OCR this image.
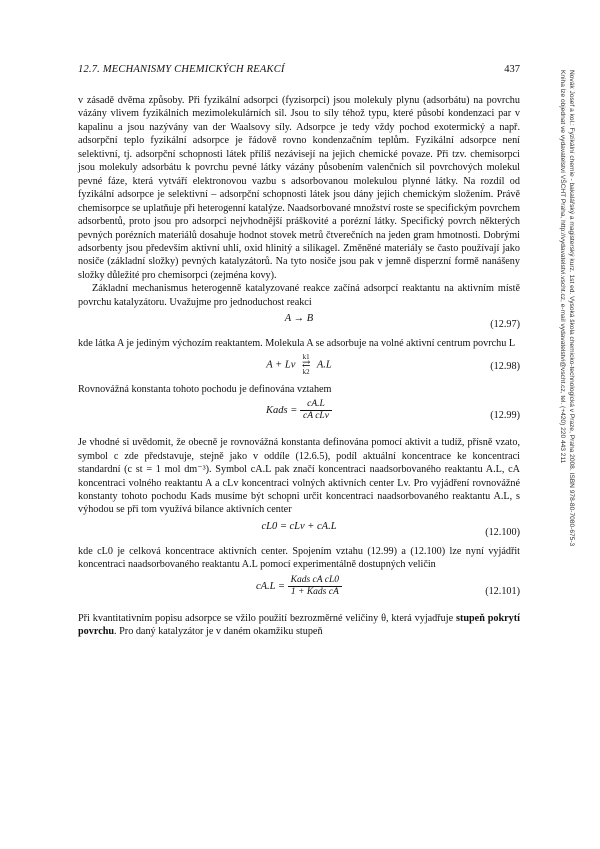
12.7. MECHANISMY CHEMICKÝCH REAKCÍ	437

v zásadě dvěma způsoby. Při fyzikální adsorpci (fyzisorpci) jsou molekuly plynu (adsorbátu) na povrchu vázány vlivem fyzikálních mezimolekulárních sil. Jsou to síly téhož typu, které působí kondenzaci par v kapalinu a jsou nazývány van der Waalsovy síly. Adsorpce je tedy vždy pochod exotermický a např. adsorpční teplo fyzikální adsorpce je řádově rovno kondenzačním teplům. Fyzikální adsorpce není selektivní, tj. adsorpční schopnosti látek příliš nezávisejí na jejich chemické povaze. Při tzv. chemisorpci jsou molekuly adsorbátu k povrchu pevné látky vázány působením valenčních sil povrchových molekul pevné fáze, která vytváří elektronovou vazbu s adsorbovanou molekulou plynné látky. Na rozdíl od fyzikální adsorpce je selektivní – adsorpční schopnosti látek jsou dány jejich chemickým složením. Právě chemisorpce se uplatňuje při heterogenní katalýze. Naadsorbované množství roste se specifickým povrchem adsorbentů, proto jsou pro adsorpci nejvhodnější práškovité a porézní látky. Specifický povrch některých pevných porézních materiálů dosahuje hodnot stovek metrů čtverečních na jeden gram hmotnosti. Dobrými adsorbenty jsou především aktivní uhlí, oxid hlinitý a silikagel. Změněné materiály se často používají jako nosiče (základní složky) pevných katalyzátorů. Na tyto nosiče jsou pak v jemně disperzní formě nanášeny složky důležité pro chemisorpci (zejména kovy).

Základní mechanismus heterogenně katalyzované reakce začíná adsorpcí reaktantu na aktivním místě povrchu katalyzátoru. Uvažujme pro jednoduchost reakci

A → B
(12.97)

kde látka A je jediným výchozím reaktantem. Molekula A se adsorbuje na volné aktivní centrum povrchu L

A + Lv k1
⇄
k2 A.L	(12.98)

Rovnovážná konstanta tohoto pochodu je definována vztahem

Kads = cA.L
cA cLv	(12.99)

Je vhodné si uvědomit, že obecně je rovnovážná konstanta definována pomocí aktivit a tudíž, přísně vzato, symbol c zde představuje, stejně jako v oddíle (12.6.5), podíl aktuální koncentrace ke koncentraci standardní (c st = 1 mol dm⁻³). Symbol cA.L pak značí koncentraci naadsorbovaného reaktantu A.L, cA koncentraci volného reaktantu A a cLv koncentraci volných aktivních center Lv. Pro vyjádření rovnovážné konstanty tohoto pochodu Kads musíme být schopni určit koncentraci naadsorbovaného reaktantu A.L, s výhodou se při tom využívá bilance aktivních center

cL0 = cLv + cA.L
(12.100)

kde cL0 je celková koncentrace aktivních center. Spojením vztahu (12.99) a (12.100) lze nyní vyjádřit koncentraci naadsorbovaného reaktantu A.L pomocí experimentálně dostupných veličin

cA.L = Kads cA cL0
1 + Kads cA	(12.101)

Při kvantitativním popisu adsorpce se vžilo použití bezrozměrné veličiny θ, která vyjadřuje stupeň pokrytí povrchu. Pro daný katalyzátor je v daném okamžiku stupeň

Novák Josef a kol.: Fyzikální chemie - bakalářský a magisterský kurz. 1st ed. Vysoká škola chemicko-technologická v Praze, Praha 2008. ISBN 978-80-7080-675-3
Kniha lze objednat ve vydavatelství VŠCHT Praha, http://vydavatelstvi.vscht.cz, e-mail vydavatelstvi@vscht.cz, tel. (+420) 220 443 211
